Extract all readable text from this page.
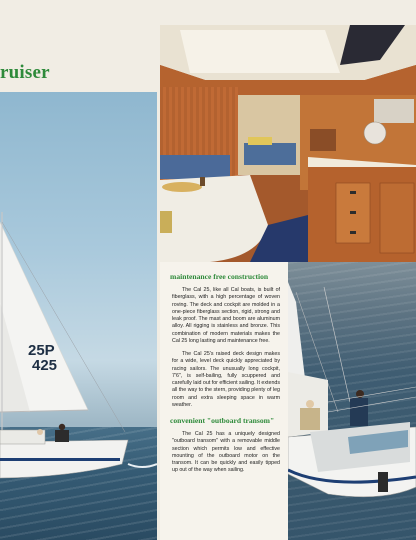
ruiser
25P
425
maintenance free construction

The Cal 25, like all Cal boats, is built of fiberglass, with a high percentage of woven roving. The deck and cockpit are molded in a one-piece fiberglass section, rigid, strong and leak proof. The mast and boom are aluminum alloy. All rigging is stainless and bronze. This combination of modern materials makes the Cal 25 long lasting and maintenance free.

The Cal 25's raised deck design makes for a wide, level deck quickly appreciated by racing sailors. The unusually long cockpit, 7'6", is self-bailing, fully scuppered and carefully laid out for efficient sailing. It extends all the way to the stern, providing plenty of leg room and extra sleeping space in warm weather.

convenient "outboard transom"

The Cal 25 has a uniquely designed "outboard transom" with a removable middle section which permits low and effective mounting of the outboard motor on the transom. It can be quickly and easily tipped up out of the way when sailing.
